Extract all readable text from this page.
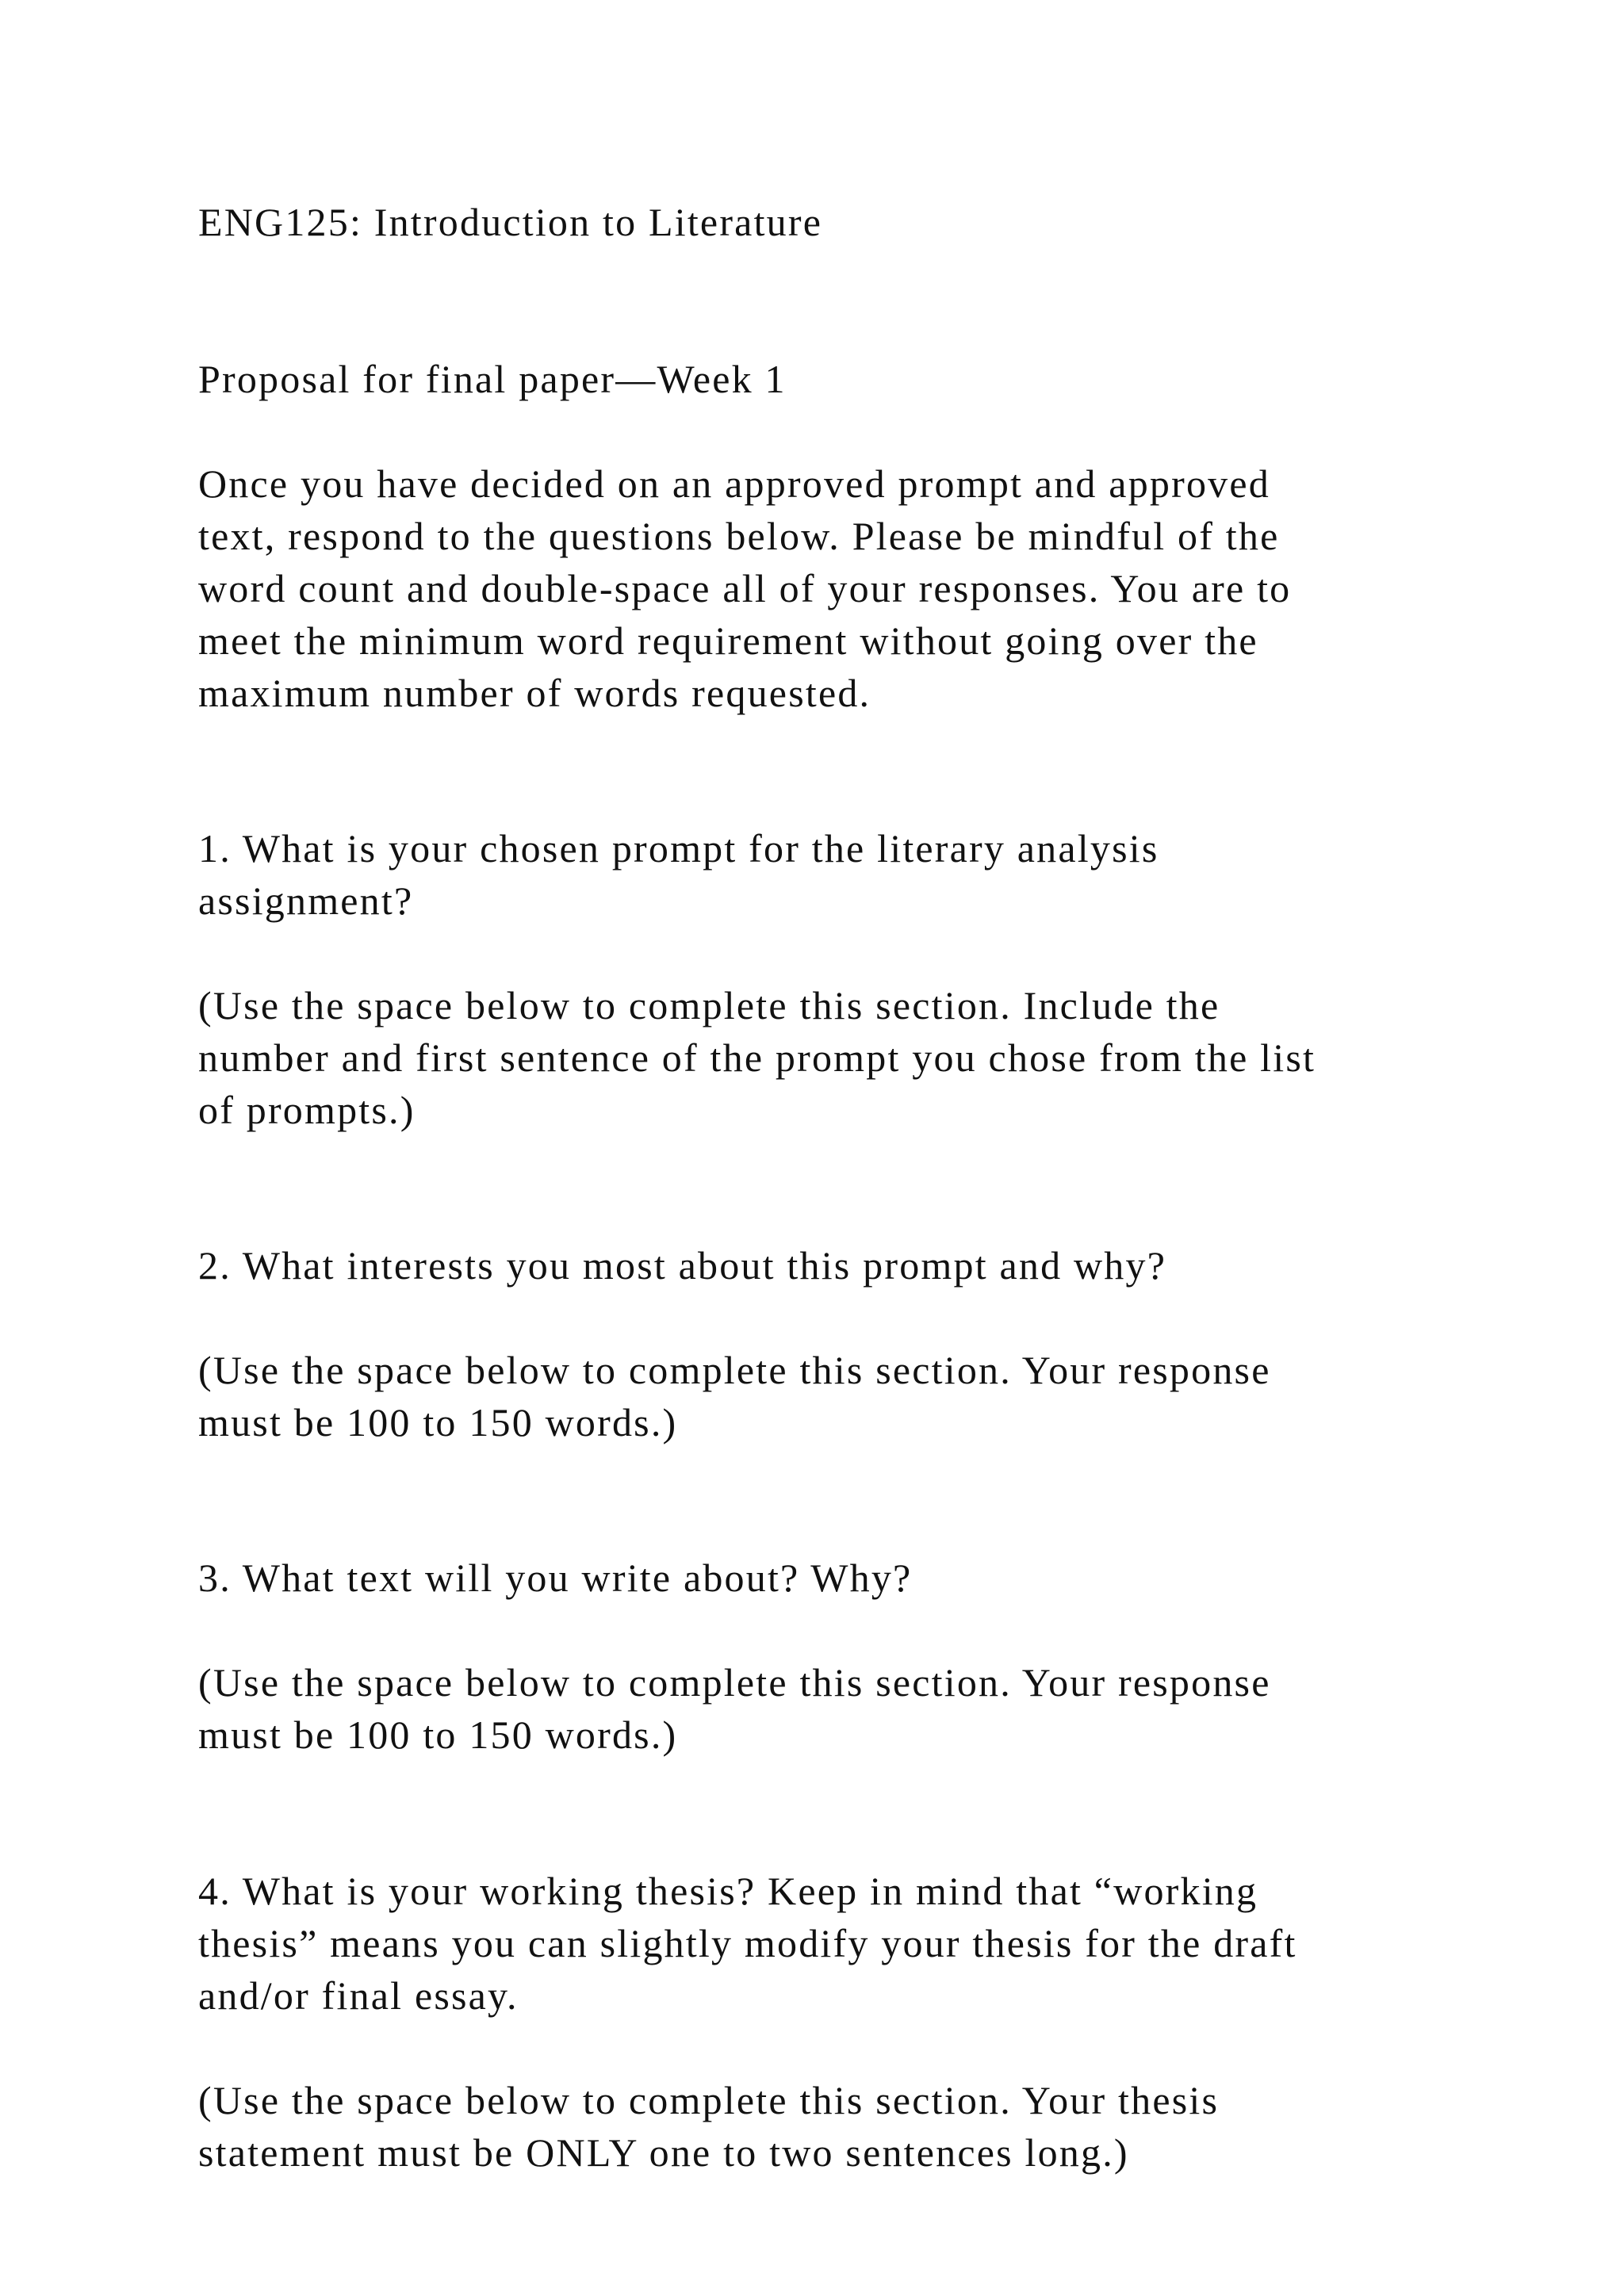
ENG125: Introduction to Literature

Proposal for final paper—Week 1

Once you have decided on an approved prompt and approved
text, respond to the questions below. Please be mindful of the
word count and double-space all of your responses. You are to
meet the minimum word requirement without going over the
maximum number of words requested.

1. What is your chosen prompt for the literary analysis
assignment?

(Use the space below to complete this section. Include the
number and first sentence of the prompt you chose from the list
of prompts.)

2. What interests you most about this prompt and why?

(Use the space below to complete this section. Your response
must be 100 to 150 words.)

3. What text will you write about? Why?

(Use the space below to complete this section. Your response
must be 100 to 150 words.)

4. What is your working thesis? Keep in mind that “working
thesis” means you can slightly modify your thesis for the draft
and/or final essay.

(Use the space below to complete this section. Your thesis
statement must be ONLY one to two sentences long.)
